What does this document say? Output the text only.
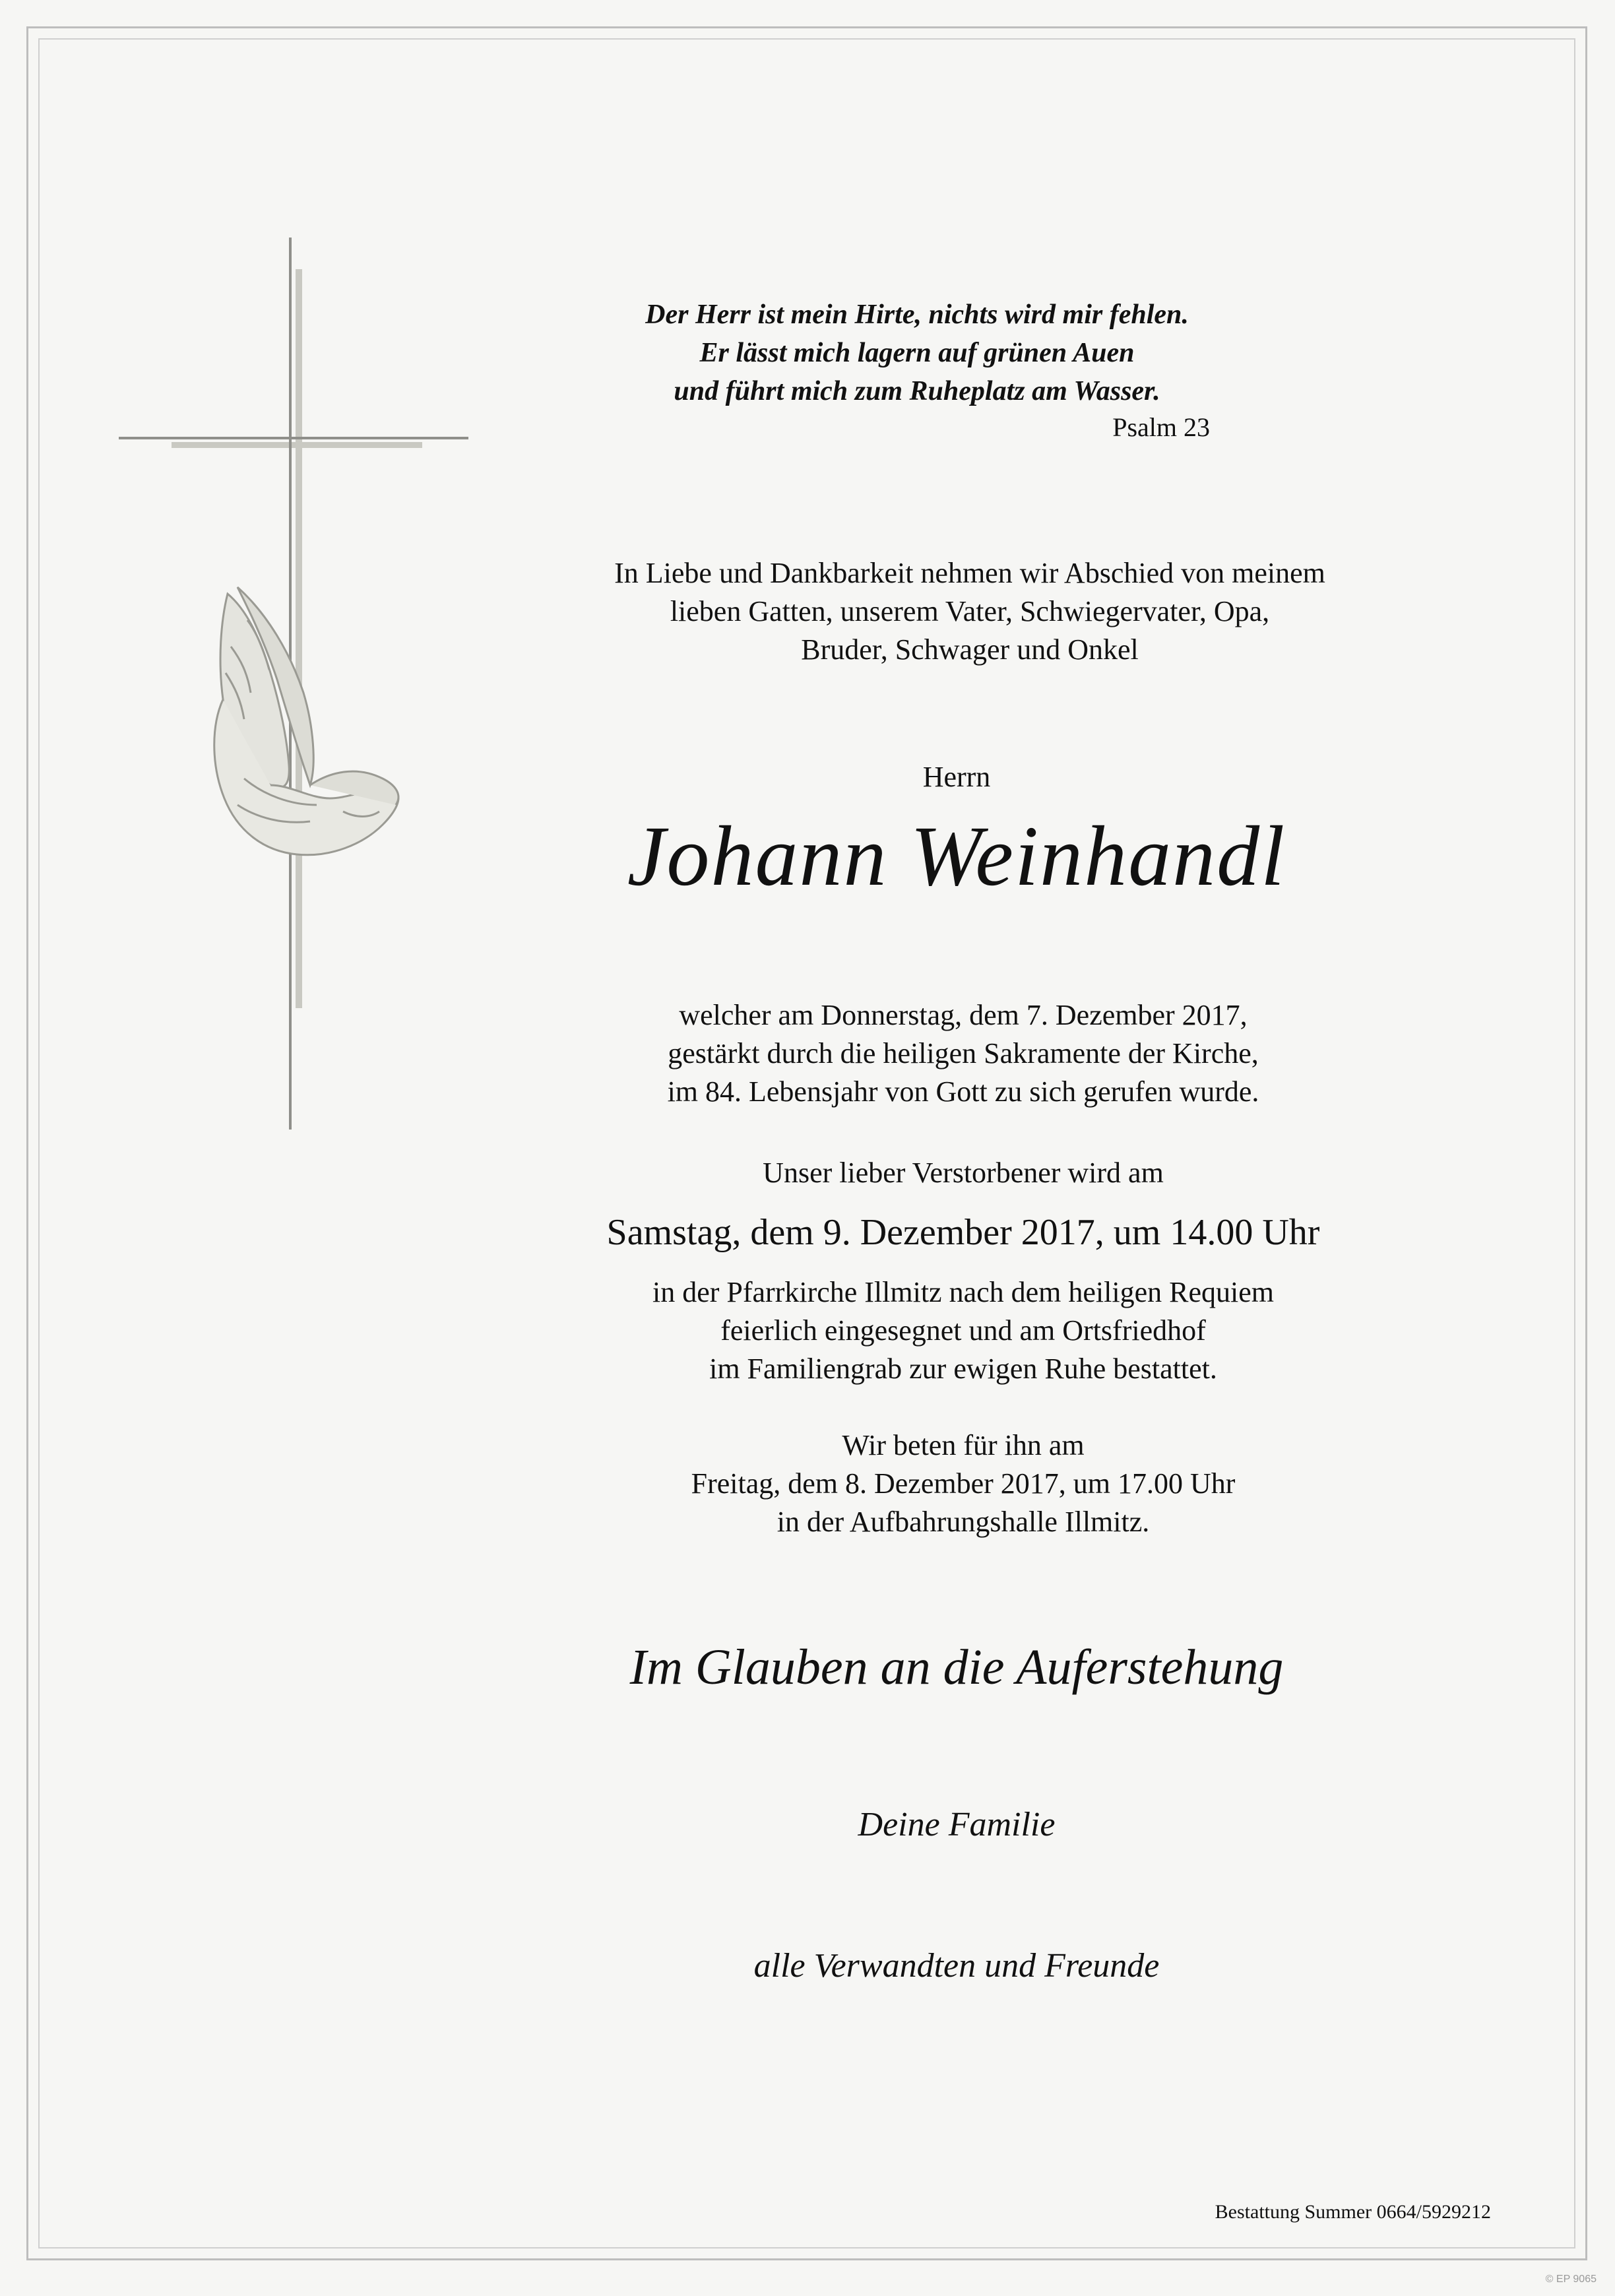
Der Herr ist mein Hirte, nichts wird mir fehlen.
Er lässt mich lagern auf grünen Auen
und führt mich zum Ruheplatz am Wasser.
Psalm 23
In Liebe und Dankbarkeit nehmen wir Abschied von meinem
lieben Gatten, unserem Vater, Schwiegervater, Opa,
Bruder, Schwager und Onkel
Herrn
Johann Weinhandl
welcher am Donnerstag, dem 7. Dezember 2017,
gestärkt durch die heiligen Sakramente der Kirche,
im 84. Lebensjahr von Gott zu sich gerufen wurde.
Unser lieber Verstorbener wird am
Samstag, dem 9. Dezember 2017, um 14.00 Uhr
in der Pfarrkirche Illmitz nach dem heiligen Requiem
feierlich eingesegnet und am Ortsfriedhof
im Familiengrab zur ewigen Ruhe bestattet.
Wir beten für ihn am
Freitag, dem 8. Dezember 2017, um 17.00 Uhr
in der Aufbahrungshalle Illmitz.
Im Glauben an die Auferstehung
Deine Familie
alle Verwandten und Freunde
Bestattung Summer 0664/5929212
© EP 9065
